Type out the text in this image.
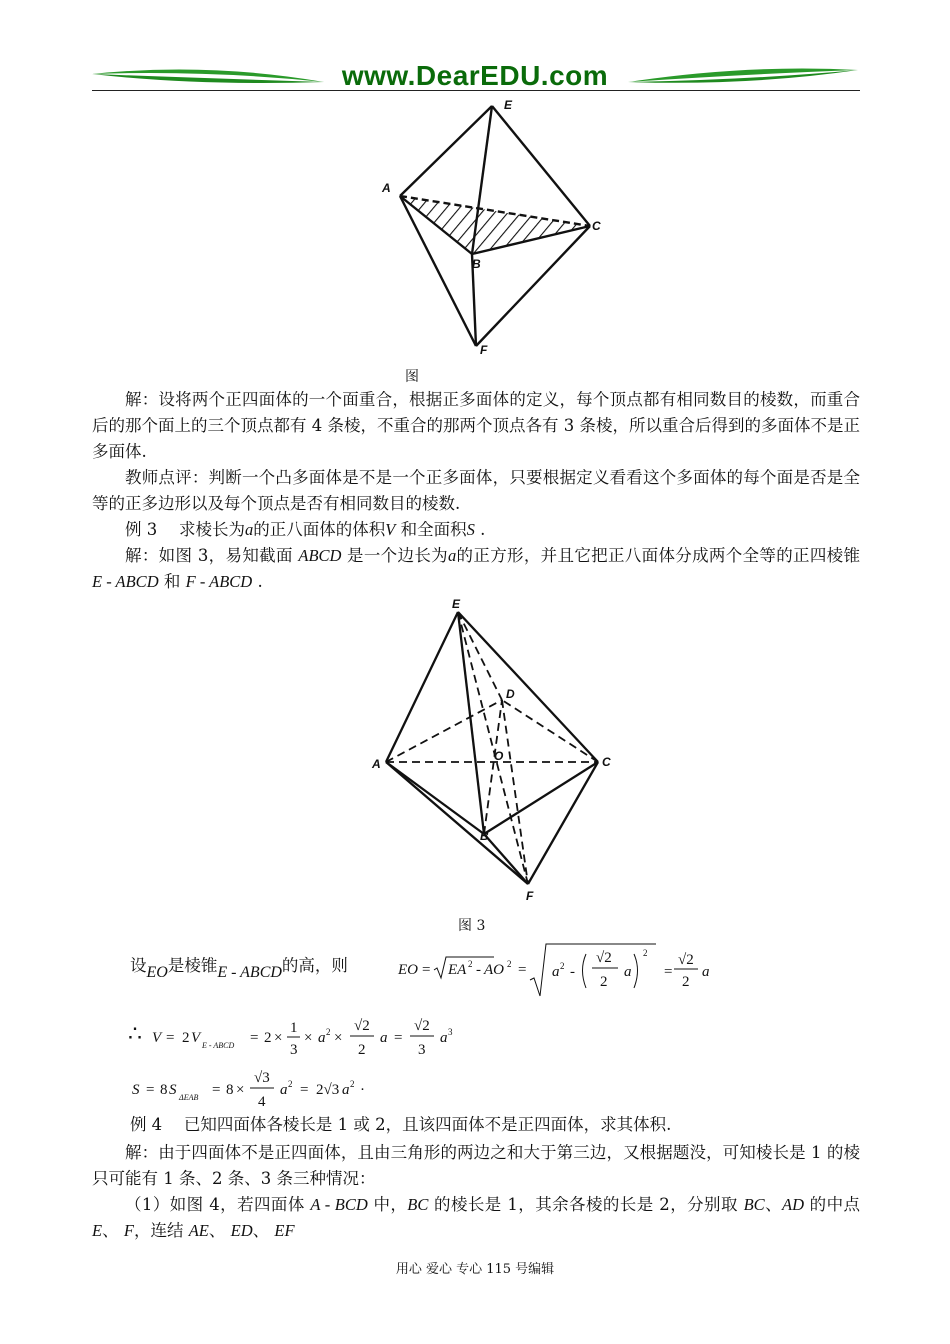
www.DearEDU.com
E
A
B
C
F
图
解：设将两个正四面体的一个面重合，根据正多面体的定义，每个顶点都有相同数目的棱数，而重合后的那个面上的三个顶点都有 4 条棱，不重合的那两个顶点各有 3 条棱，所以重合后得到的多面体不是正多面体.
教师点评：判断一个凸多面体是不是一个正多面体，只要根据定义看看这个多面体的每个面是否是全等的正多边形以及每个顶点是否有相同数目的棱数.
例 3　 求棱长为a的正八面体的体积V 和全面积S .
解：如图 3，易知截面 ABCD 是一个边长为a的正方形，并且它把正八面体分成两个全等的正四棱锥 E - ABCD 和 F - ABCD .
E
D
A
O	C
B
F
图 3
设EO是棱锥E - ABCD的高，则	EO = EA 2 - AO 2 = a 2 -
√2
2
a
2
=
√2
2
a
∴ V = 2 V E - ABCD = 2 ×
1
3
× a 2 ×
√2
2
a =
√2
3
a 3
S = 8 S ΔEAB = 8 ×
√3
4
a 2 = 2√3 a 2 ·
例 4　 已知四面体各棱长是 1 或 2，且该四面体不是正四面体，求其体积.
解：由于四面体不是正四面体，且由三角形的两边之和大于第三边，又根据题没，可知棱长是 1 的棱只可能有 1 条、2 条、3 条三种情况：
（1）如图 4，若四面体 A - BCD 中，BC 的棱长是 1，其余各棱的长是 2，分别取 BC、AD 的中点 E、 F，连结 AE、 ED、 EF
用心 爱心 专心 115 号编辑
